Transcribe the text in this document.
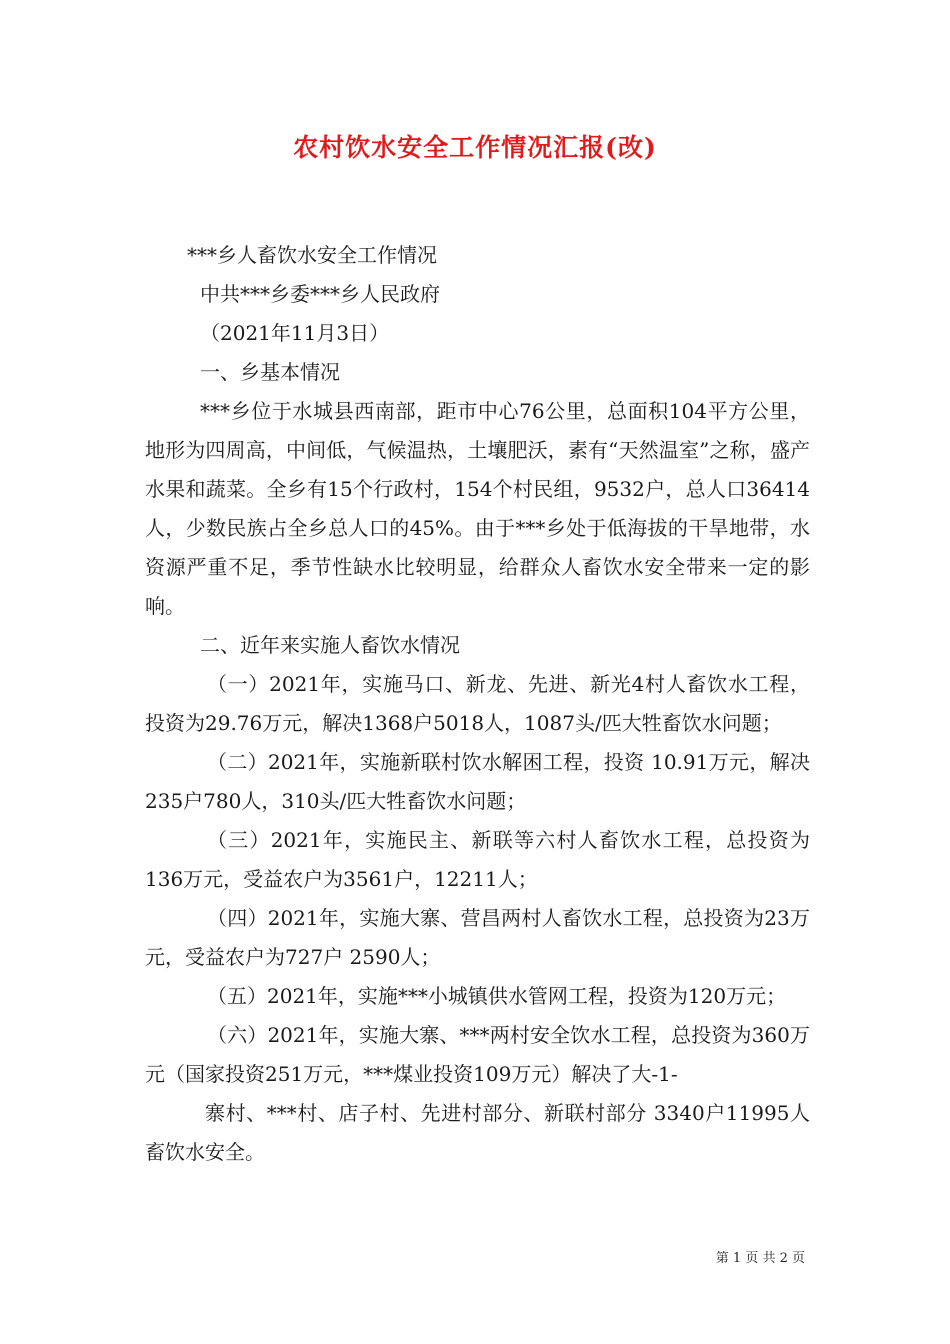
农村饮水安全工作情况汇报(改)

***乡人畜饮水安全工作情况

中共***乡委***乡人民政府

（2021年11月3日）

一、乡基本情况

***乡位于水城县西南部，距市中心76公里，总面积104平方公里，地形为四周高，中间低，气候温热，土壤肥沃，素有“天然温室”之称，盛产水果和蔬菜。全乡有15个行政村，154个村民组，9532户，总人口36414人，少数民族占全乡总人口的45%。由于***乡处于低海拔的干旱地带，水资源严重不足，季节性缺水比较明显，给群众人畜饮水安全带来一定的影响。

二、近年来实施人畜饮水情况

（一）2021年，实施马口、新龙、先进、新光4村人畜饮水工程，投资为29.76万元，解决1368户5018人，1087头/匹大牲畜饮水问题；

（二）2021年，实施新联村饮水解困工程，投资 10.91万元，解决235户780人，310头/匹大牲畜饮水问题；

（三）2021年，实施民主、新联等六村人畜饮水工程，总投资为136万元，受益农户为3561户，12211人；

（四）2021年，实施大寨、营昌两村人畜饮水工程，总投资为23万元，受益农户为727户 2590人；

（五）2021年，实施***小城镇供水管网工程，投资为120万元；

（六）2021年，实施大寨、***两村安全饮水工程，总投资为360万元（国家投资251万元，***煤业投资109万元）解决了大-1-

寨村、***村、店子村、先进村部分、新联村部分 3340户11995人畜饮水安全。

第 1 页 共 2 页
